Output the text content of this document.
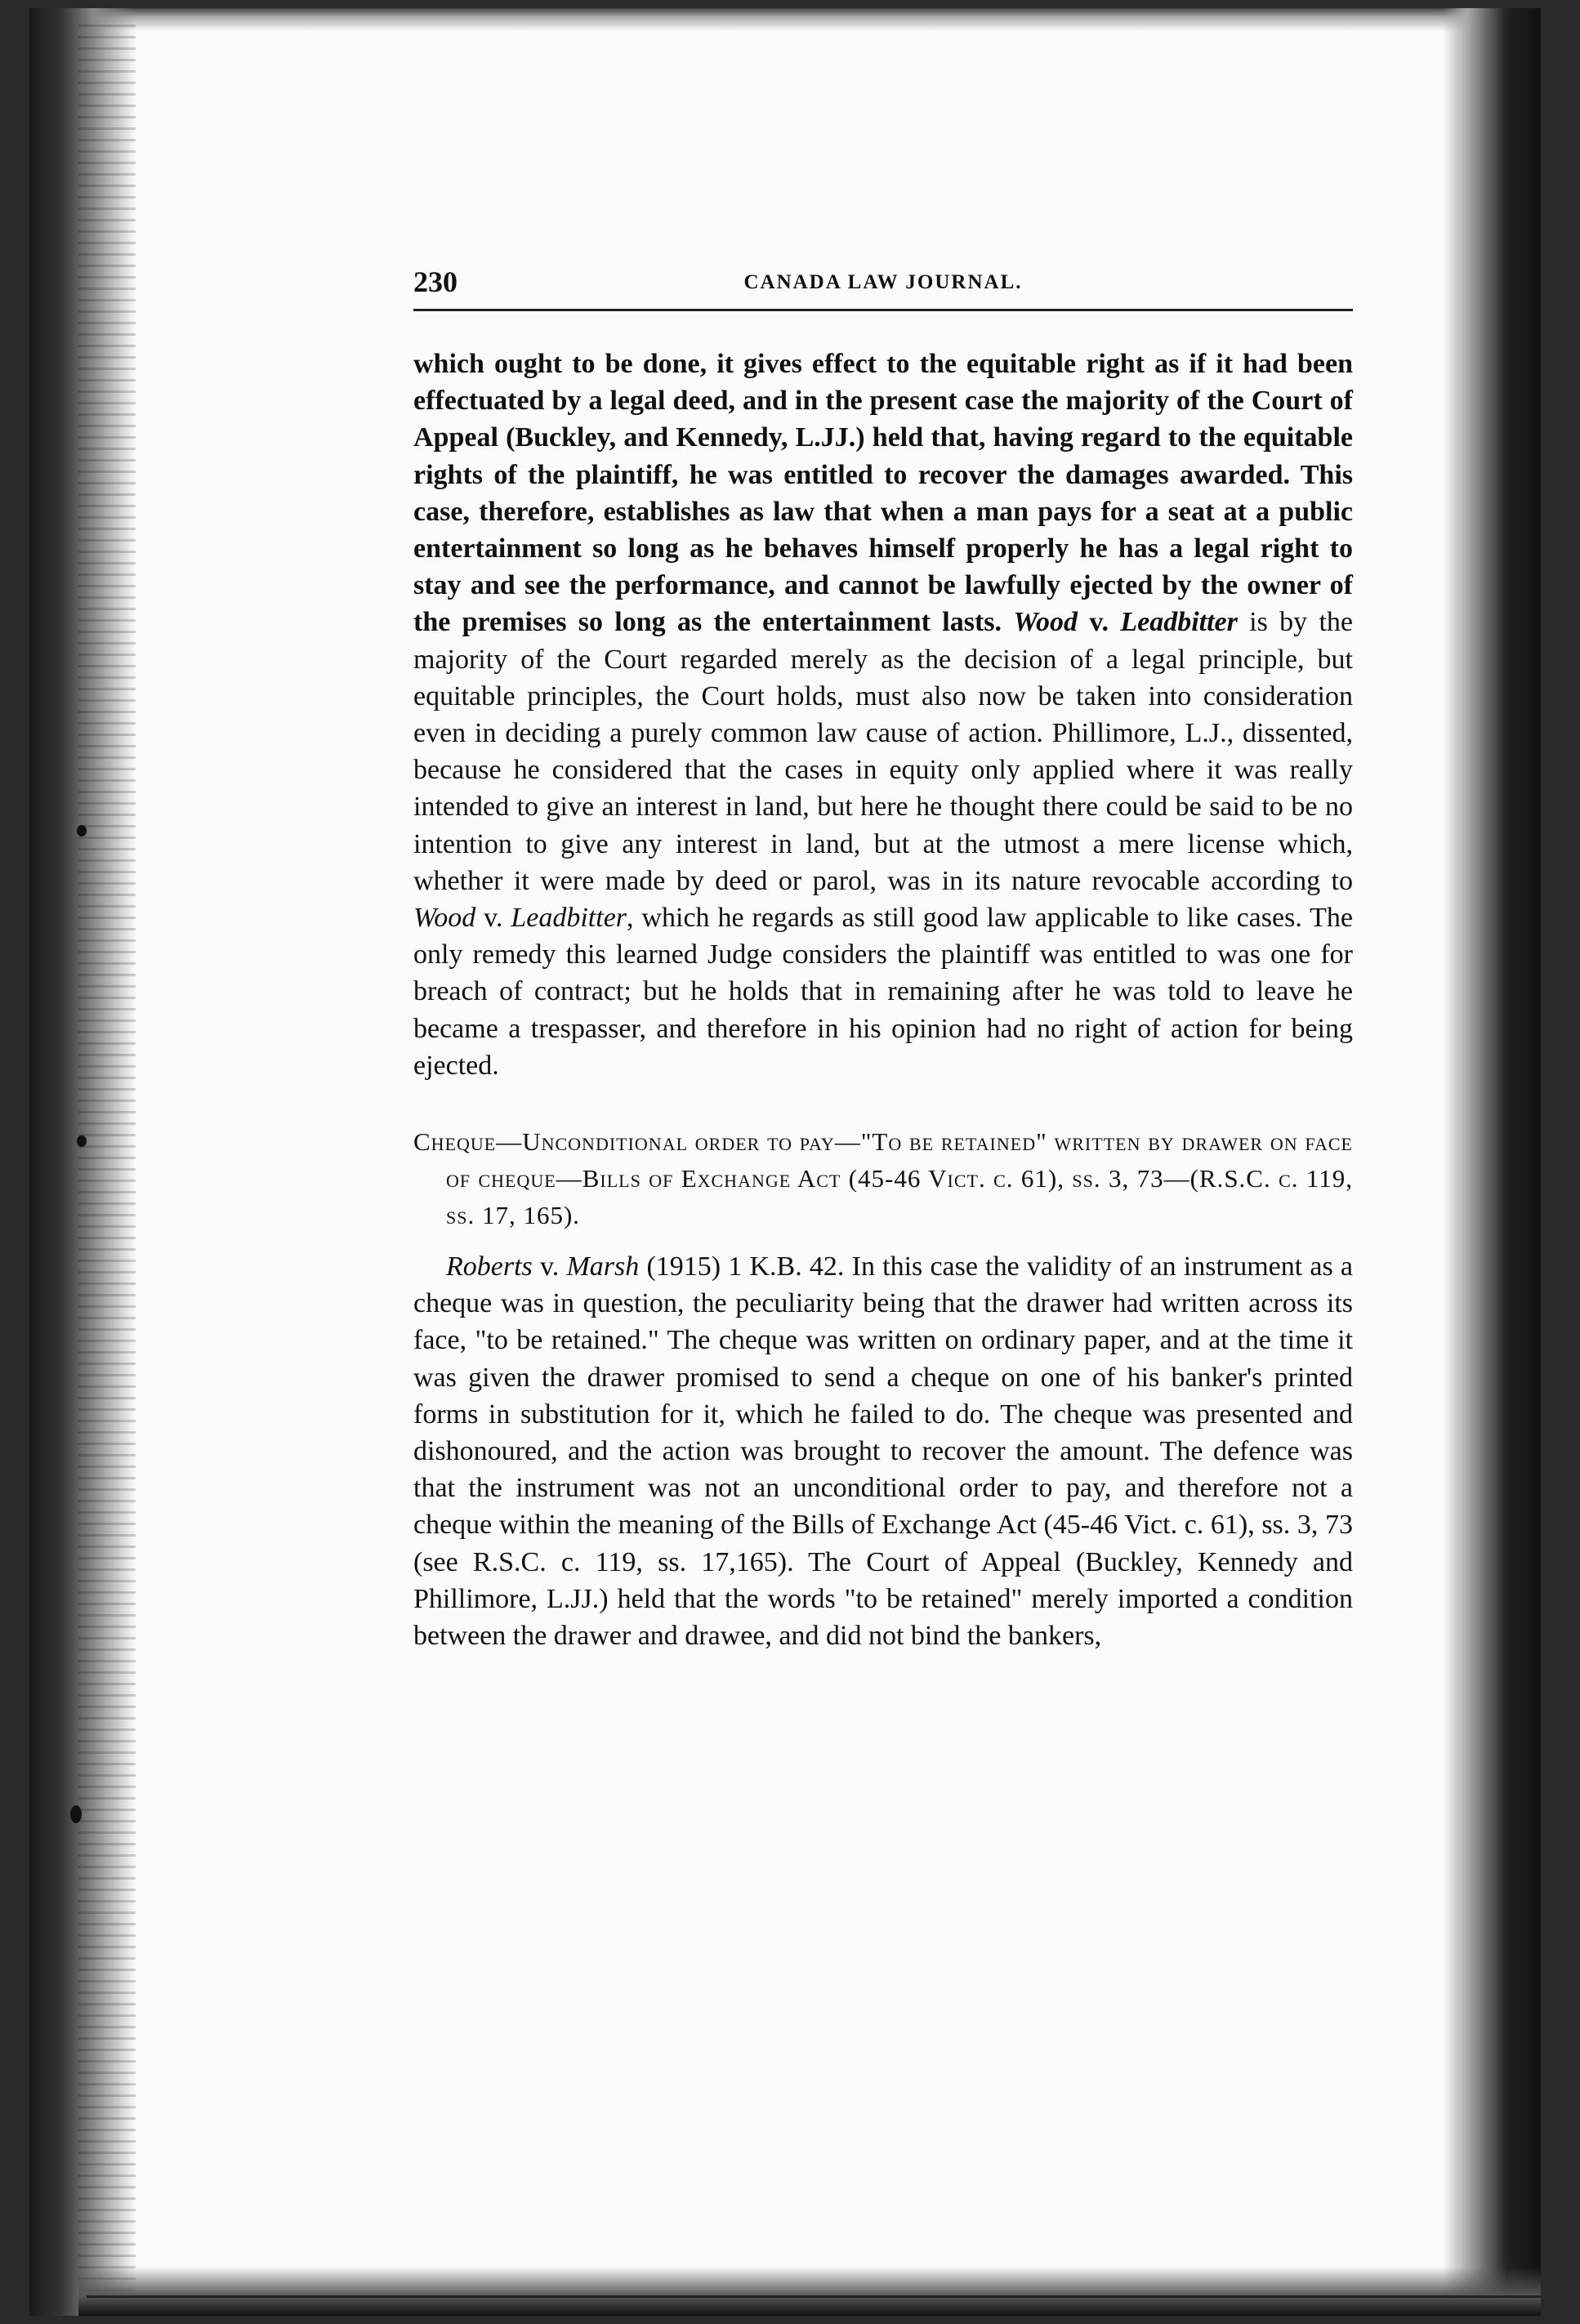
230	CANADA LAW JOURNAL.

which ought to be done, it gives effect to the equitable right as if it had been effectuated by a legal deed, and in the present case the majority of the Court of Appeal (Buckley, and Kennedy, L.JJ.) held that, having regard to the equitable rights of the plaintiff, he was entitled to recover the damages awarded. This case, therefore, establishes as law that when a man pays for a seat at a public entertainment so long as he behaves himself properly he has a legal right to stay and see the performance, and cannot be lawfully ejected by the owner of the premises so long as the entertainment lasts. Wood v. Leadbitter is by the majority of the Court regarded merely as the decision of a legal principle, but equitable principles, the Court holds, must also now be taken into consideration even in deciding a purely common law cause of action. Phillimore, L.J., dissented, because he considered that the cases in equity only applied where it was really intended to give an interest in land, but here he thought there could be said to be no intention to give any interest in land, but at the utmost a mere license which, whether it were made by deed or parol, was in its nature revocable according to Wood v. Leadbitter, which he regards as still good law applicable to like cases. The only remedy this learned Judge considers the plaintiff was entitled to was one for breach of contract; but he holds that in remaining after he was told to leave he became a trespasser, and therefore in his opinion had no right of action for being ejected.

Cheque—Unconditional order to pay—"To be retained" written by drawer on face of cheque—Bills of Exchange Act (45-46 Vict. c. 61), ss. 3, 73—(R.S.C. c. 119, ss. 17, 165).

Roberts v. Marsh (1915) 1 K.B. 42. In this case the validity of an instrument as a cheque was in question, the peculiarity being that the drawer had written across its face, "to be retained." The cheque was written on ordinary paper, and at the time it was given the drawer promised to send a cheque on one of his banker's printed forms in substitution for it, which he failed to do. The cheque was presented and dishonoured, and the action was brought to recover the amount. The defence was that the instrument was not an unconditional order to pay, and therefore not a cheque within the meaning of the Bills of Exchange Act (45-46 Vict. c. 61), ss. 3, 73 (see R.S.C. c. 119, ss. 17,165). The Court of Appeal (Buckley, Kennedy and Phillimore, L.JJ.) held that the words "to be retained" merely imported a condition between the drawer and drawee, and did not bind the bankers,
